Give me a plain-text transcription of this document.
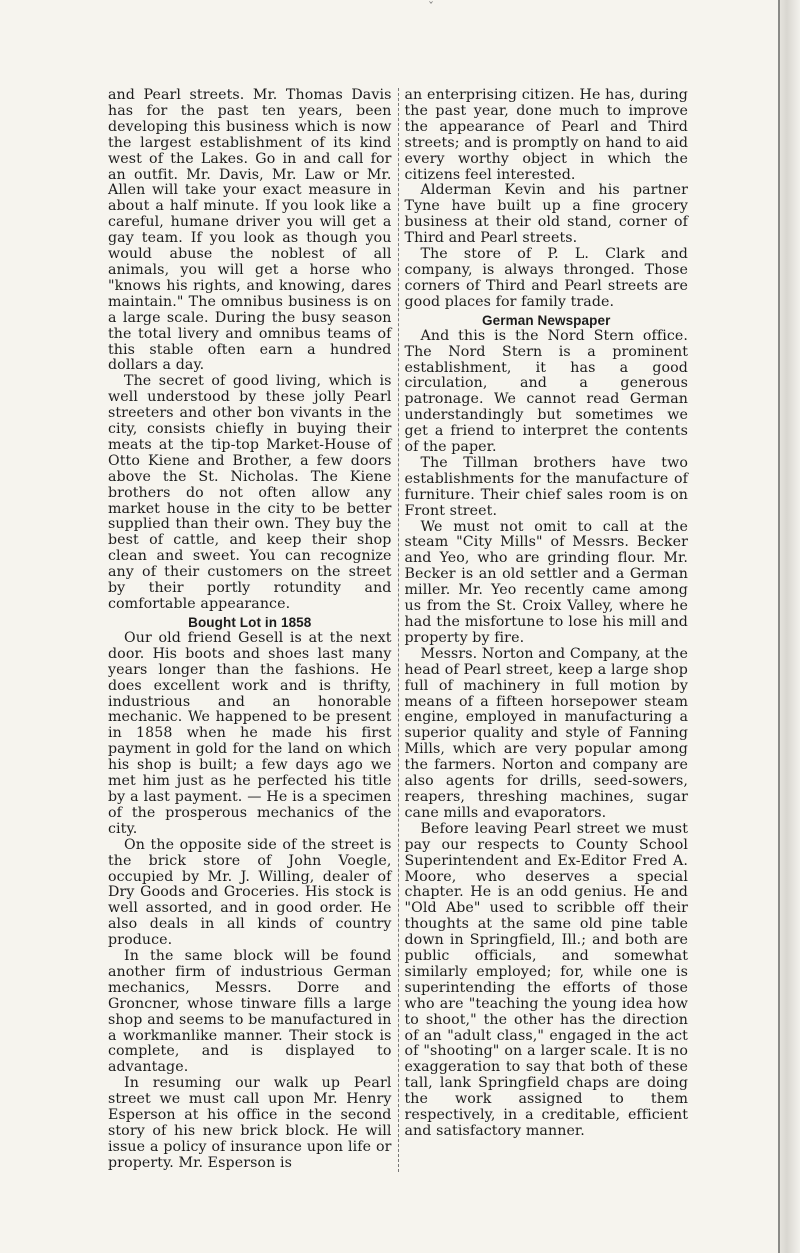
ˇ

and Pearl streets. Mr. Thomas Davis has for the past ten years, been developing this business which is now the largest establishment of its kind west of the Lakes. Go in and call for an outfit. Mr. Davis, Mr. Law or Mr. Allen will take your exact measure in about a half minute. If you look like a careful, humane driver you will get a gay team. If you look as though you would abuse the noblest of all animals, you will get a horse who "knows his rights, and knowing, dares maintain." The omnibus business is on a large scale. During the busy season the total livery and omnibus teams of this stable often earn a hundred dollars a day.

The secret of good living, which is well understood by these jolly Pearl streeters and other bon vivants in the city, consists chiefly in buying their meats at the tip-top Market-House of Otto Kiene and Brother, a few doors above the St. Nicholas. The Kiene brothers do not often allow any market house in the city to be better supplied than their own. They buy the best of cattle, and keep their shop clean and sweet. You can recognize any of their customers on the street by their portly rotundity and comfortable appearance.

Bought Lot in 1858

Our old friend Gesell is at the next door. His boots and shoes last many years longer than the fashions. He does excellent work and is thrifty, industrious and an honorable mechanic. We happened to be present in 1858 when he made his first payment in gold for the land on which his shop is built; a few days ago we met him just as he perfected his title by a last payment. — He is a specimen of the prosperous mechanics of the city.

On the opposite side of the street is the brick store of John Voegle, occupied by Mr. J. Willing, dealer of Dry Goods and Groceries. His stock is well assorted, and in good order. He also deals in all kinds of country produce.

In the same block will be found another firm of industrious German mechanics, Messrs. Dorre and Groncner, whose tinware fills a large shop and seems to be manufactured in a workmanlike manner. Their stock is complete, and is displayed to advantage.

In resuming our walk up Pearl street we must call upon Mr. Henry Esperson at his office in the second story of his new brick block. He will issue a policy of insurance upon life or property. Mr. Esperson is

an enterprising citizen. He has, during the past year, done much to improve the appearance of Pearl and Third streets; and is promptly on hand to aid every worthy object in which the citizens feel interested.

Alderman Kevin and his partner Tyne have built up a fine grocery business at their old stand, corner of Third and Pearl streets.

The store of P. L. Clark and company, is always thronged. Those corners of Third and Pearl streets are good places for family trade.

German Newspaper

And this is the Nord Stern office. The Nord Stern is a prominent establishment, it has a good circulation, and a generous patronage. We cannot read German understandingly but sometimes we get a friend to interpret the contents of the paper.

The Tillman brothers have two establishments for the manufacture of furniture. Their chief sales room is on Front street.

We must not omit to call at the steam "City Mills" of Messrs. Becker and Yeo, who are grinding flour. Mr. Becker is an old settler and a German miller. Mr. Yeo recently came among us from the St. Croix Valley, where he had the misfortune to lose his mill and property by fire.

Messrs. Norton and Company, at the head of Pearl street, keep a large shop full of machinery in full motion by means of a fifteen horsepower steam engine, employed in manufacturing a superior quality and style of Fanning Mills, which are very popular among the farmers. Norton and company are also agents for drills, seed-sowers, reapers, threshing machines, sugar cane mills and evaporators.

Before leaving Pearl street we must pay our respects to County School Superintendent and Ex-Editor Fred A. Moore, who deserves a special chapter. He is an odd genius. He and "Old Abe" used to scribble off their thoughts at the same old pine table down in Springfield, Ill.; and both are public officials, and somewhat similarly employed; for, while one is superintending the efforts of those who are "teaching the young idea how to shoot," the other has the direction of an "adult class," engaged in the act of "shooting" on a larger scale. It is no exaggeration to say that both of these tall, lank Springfield chaps are doing the work assigned to them respectively, in a creditable, efficient and satisfactory manner.
